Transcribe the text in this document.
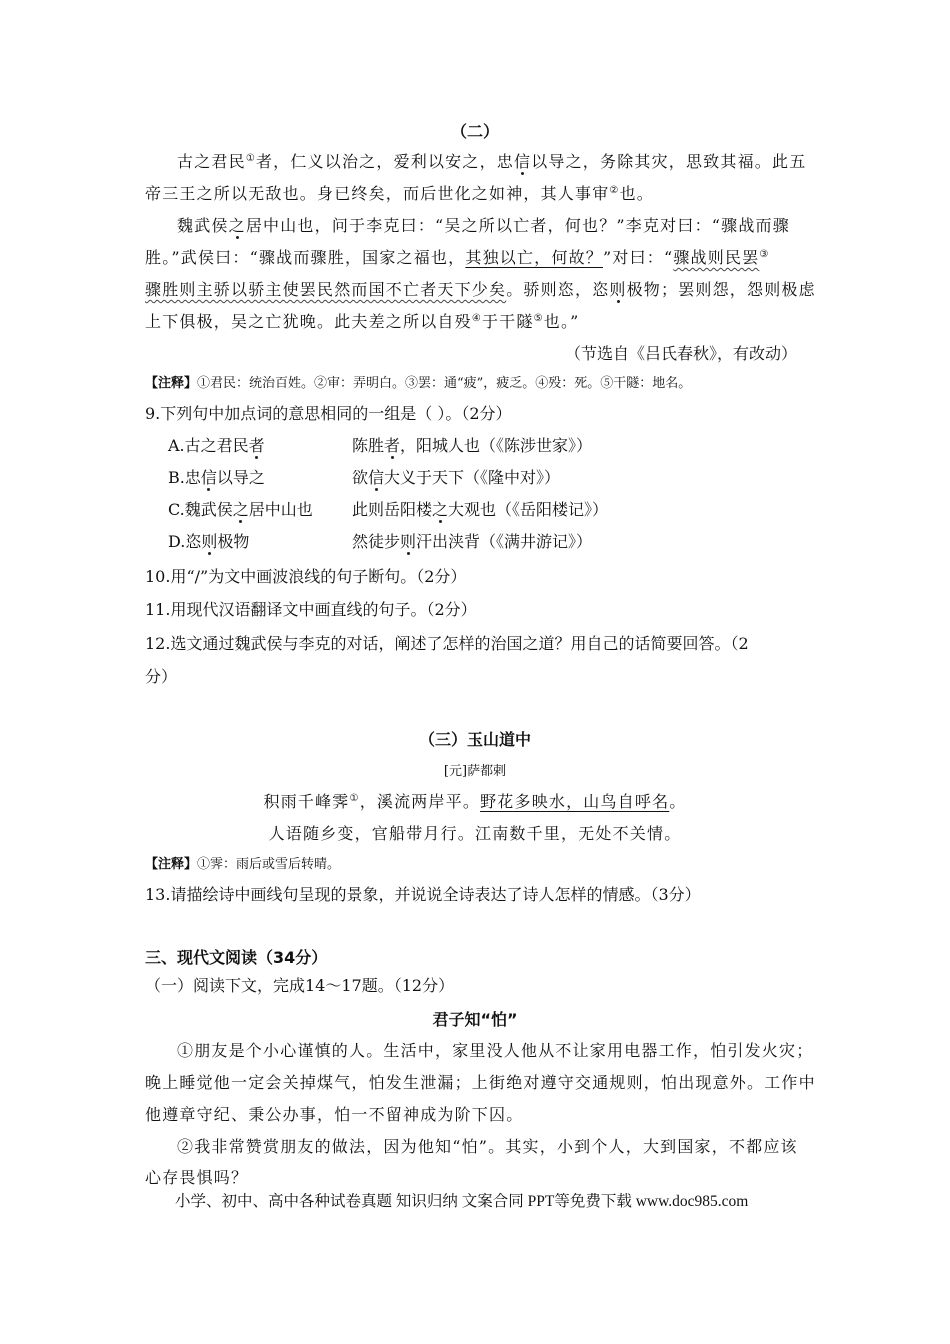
（二）
古之君民①者，仁义以治之，爱利以安之，忠信以导之，务除其灾，思致其福。此五
帝三王之所以无敌也。身已终矣，而后世化之如神，其人事审②也。
魏武侯之居中山也，问于李克曰：“吴之所以亡者，何也？”李克对曰：“骤战而骤
胜。”武侯曰：“骤战而骤胜，国家之福也，其独以亡，何故？”对曰：“骤战则民罢③
骤胜则主骄以骄主使罢民然而国不亡者天下少矣。骄则恣，恣则极物；罢则怨，怨则极虑
上下俱极，吴之亡犹晚。此夫差之所以自殁④于干隧⑤也。”
（节选自《吕氏春秋》，有改动）
【注释】①君民：统治百姓。②审：弄明白。③罢：通“疲”，疲乏。④殁：死。⑤干隧：地名。
9.下列句中加点词的意思相同的一组是（ ）。（2分）
A.古之君民者	陈胜者，阳城人也（《陈涉世家》）
B.忠信以导之	欲信大义于天下（《隆中对》）
C.魏武侯之居中山也 此则岳阳楼之大观也（《岳阳楼记》）
D.恣则极物	然徒步则汗出浃背（《满井游记》）
10.用“/”为文中画波浪线的句子断句。（2分）
11.用现代汉语翻译文中画直线的句子。（2分）
12.选文通过魏武侯与李克的对话，阐述了怎样的治国之道？用自己的话简要回答。（2
分）
（三）玉山道中
[元]萨都剌
积雨千峰霁①，溪流两岸平。野花多映水，山鸟自呼名。
人语随乡变，官船带月行。江南数千里，无处不关情。
【注释】①霁：雨后或雪后转晴。
13.请描绘诗中画线句呈现的景象，并说说全诗表达了诗人怎样的情感。（3分）
三、现代文阅读（34分）
（一）阅读下文，完成14～17题。（12分）
君子知“怕”
①朋友是个小心谨慎的人。生活中，家里没人他从不让家用电器工作，怕引发火灾；
晚上睡觉他一定会关掉煤气，怕发生泄漏；上街绝对遵守交通规则，怕出现意外。工作中
他遵章守纪、秉公办事，怕一不留神成为阶下囚。
②我非常赞赏朋友的做法，因为他知“怕”。其实，小到个人，大到国家，不都应该
心存畏惧吗？
小学、初中、高中各种试卷真题 知识归纳 文案合同 PPT等免费下载 www.doc985.com
